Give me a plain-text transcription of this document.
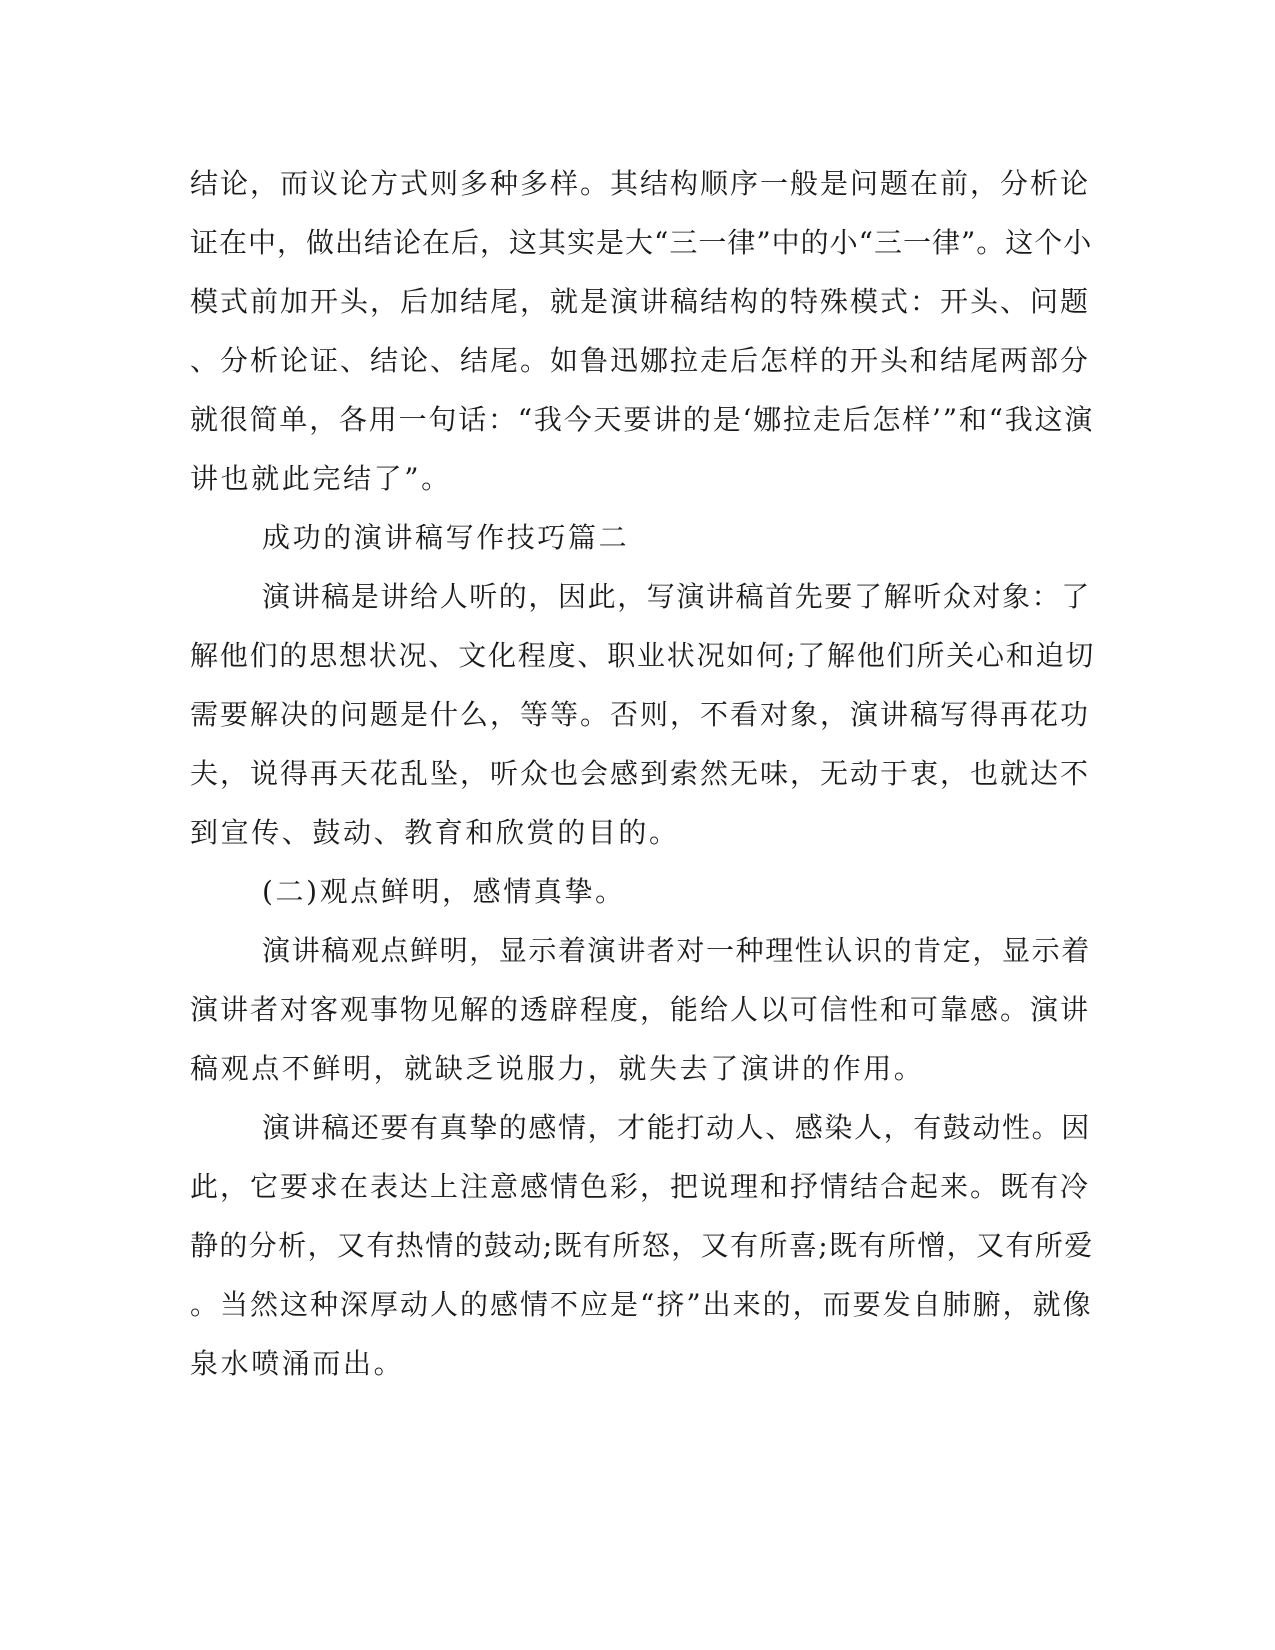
结论，而议论方式则多种多样。其结构顺序一般是问题在前，分析论

证在中，做出结论在后，这其实是大“三一律”中的小“三一律”。这个小

模式前加开头，后加结尾，就是演讲稿结构的特殊模式：开头、问题

、分析论证、结论、结尾。如鲁迅娜拉走后怎样的开头和结尾两部分

就很简单，各用一句话：“我今天要讲的是‘娜拉走后怎样’”和“我这演

讲也就此完结了”。

成功的演讲稿写作技巧篇二

演讲稿是讲给人听的，因此，写演讲稿首先要了解听众对象：了

解他们的思想状况、文化程度、职业状况如何;了解他们所关心和迫切

需要解决的问题是什么，等等。否则，不看对象，演讲稿写得再花功

夫，说得再天花乱坠，听众也会感到索然无味，无动于衷，也就达不

到宣传、鼓动、教育和欣赏的目的。

(二)观点鲜明，感情真挚。

演讲稿观点鲜明，显示着演讲者对一种理性认识的肯定，显示着

演讲者对客观事物见解的透辟程度，能给人以可信性和可靠感。演讲

稿观点不鲜明，就缺乏说服力，就失去了演讲的作用。

演讲稿还要有真挚的感情，才能打动人、感染人，有鼓动性。因

此，它要求在表达上注意感情色彩，把说理和抒情结合起来。既有冷

静的分析，又有热情的鼓动;既有所怒，又有所喜;既有所憎，又有所爱

。当然这种深厚动人的感情不应是“挤”出来的，而要发自肺腑，就像

泉水喷涌而出。
